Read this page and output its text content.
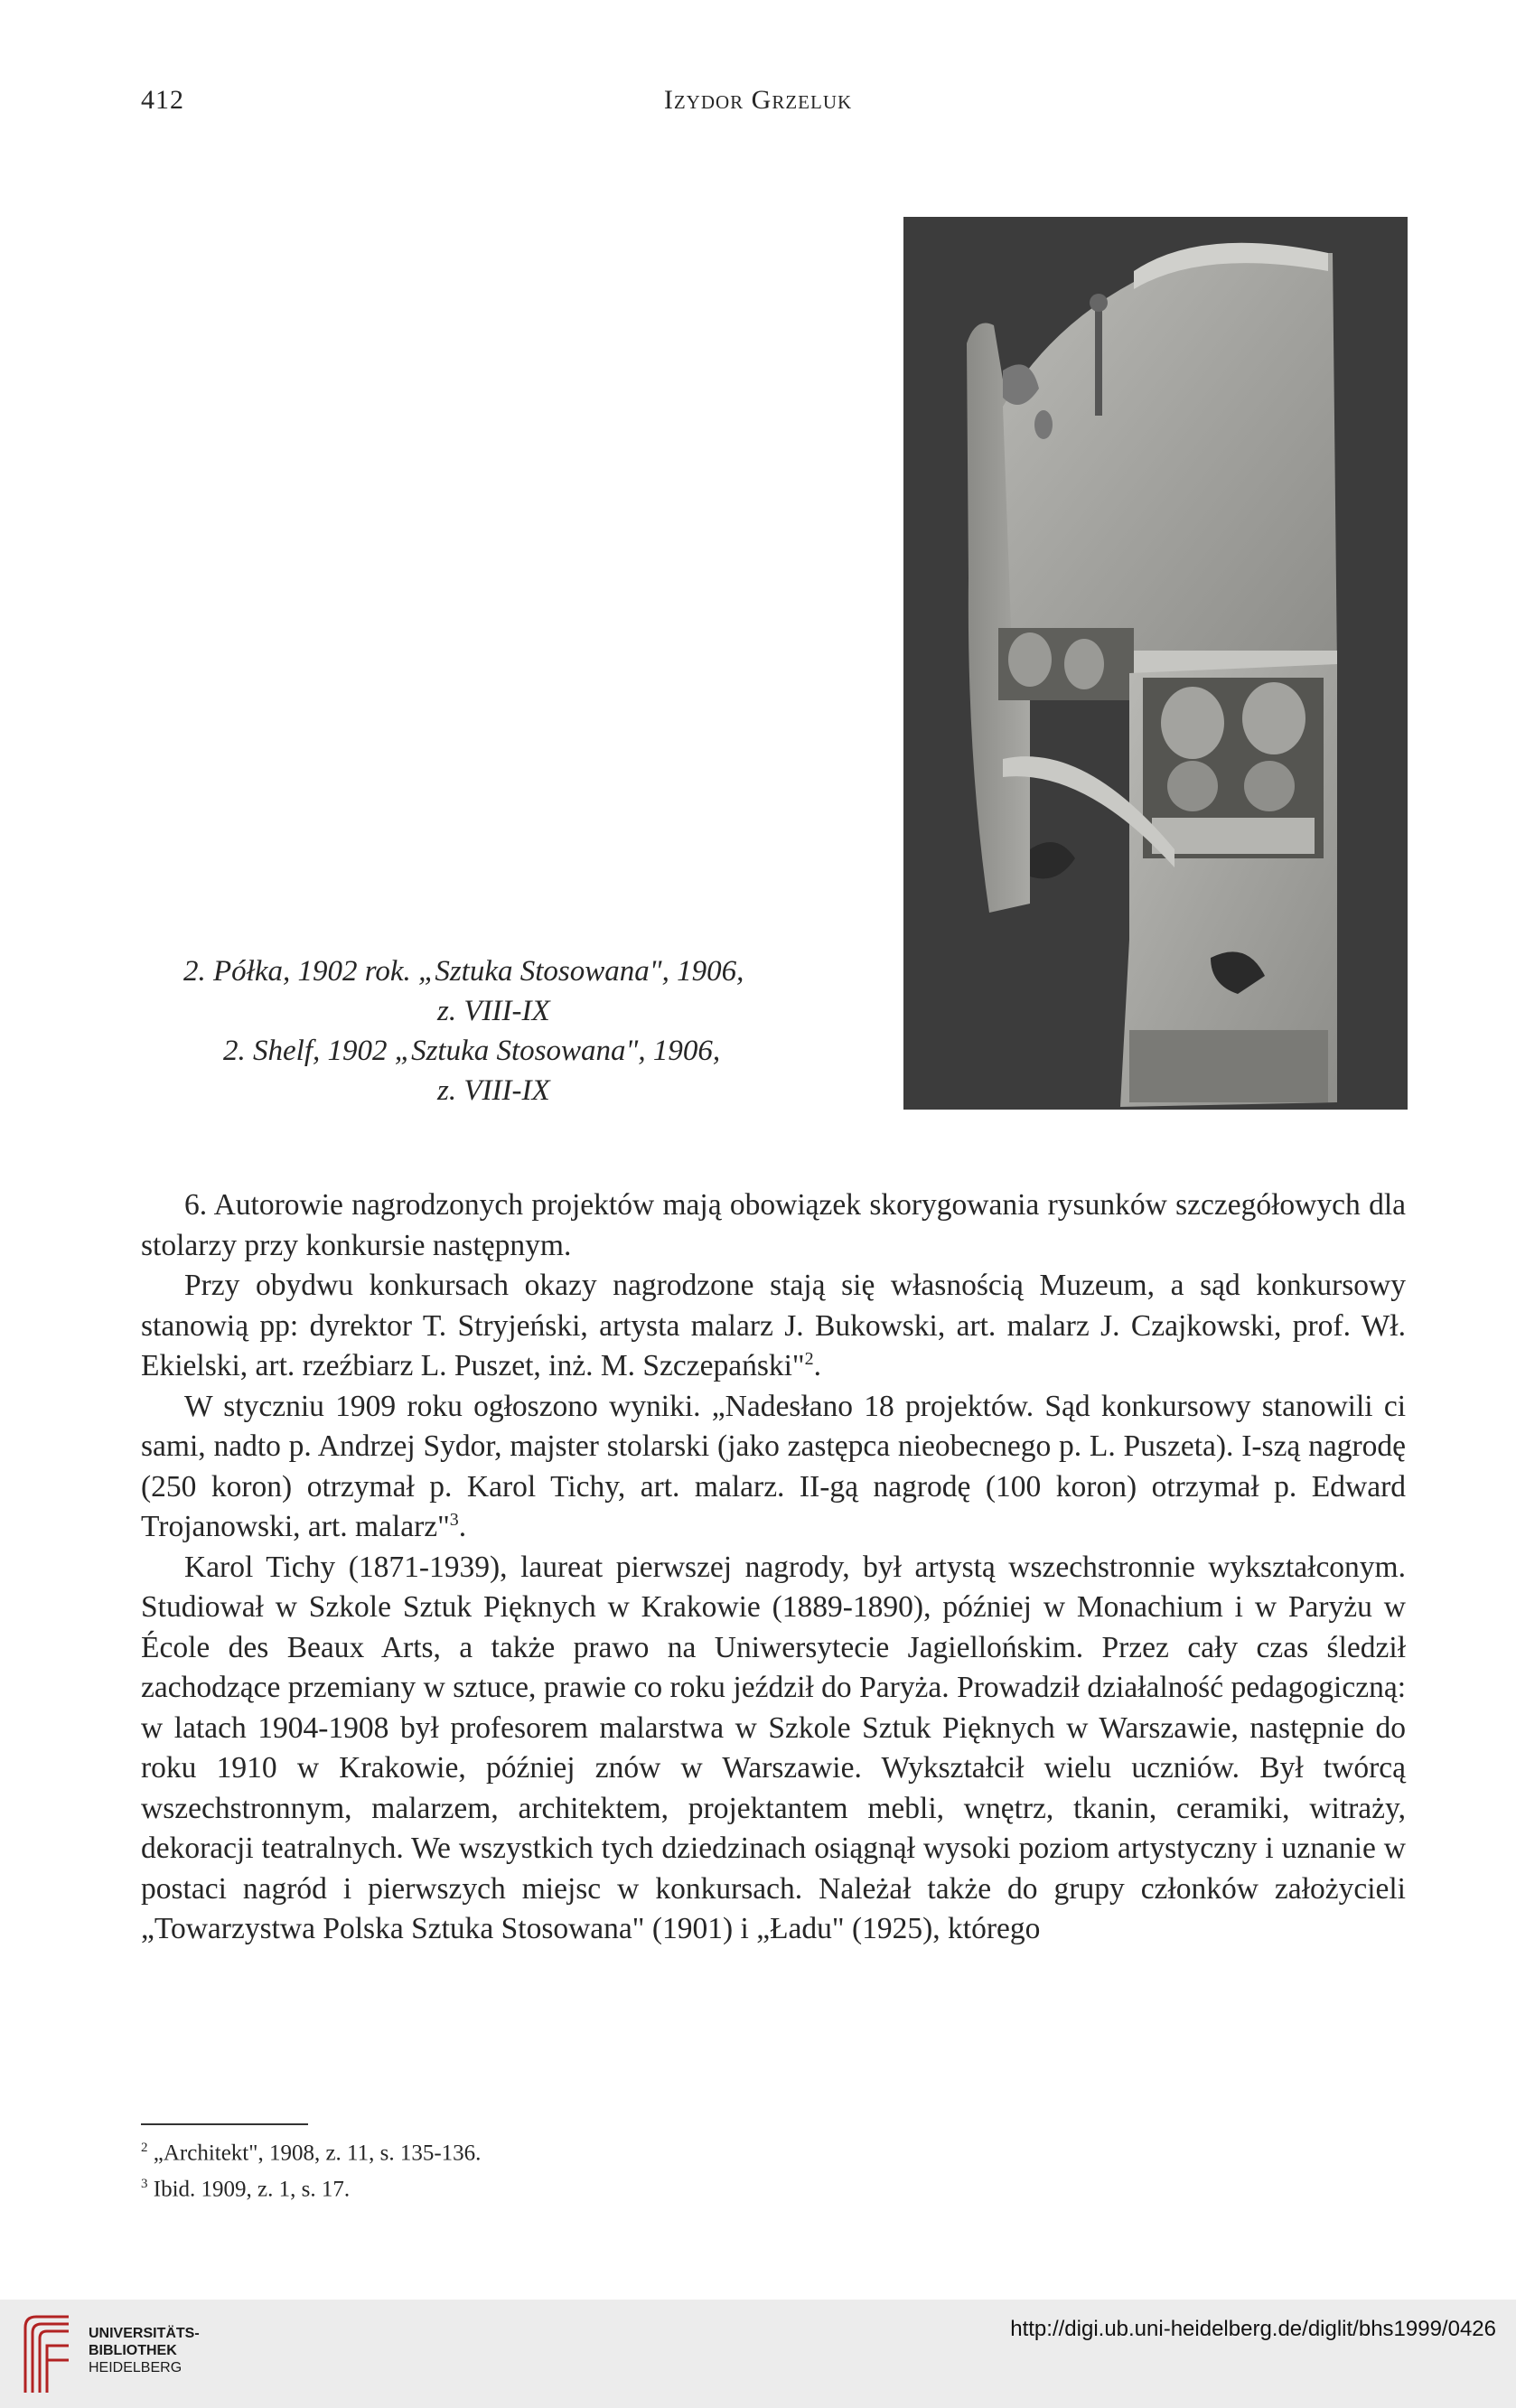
412	Izydor Grzeluk
2. Półka, 1902 rok. „Sztuka Stosowana", 1906,
z. VIII-IX
2. Shelf, 1902 „Sztuka Stosowana", 1906,
z. VIII-IX

6. Autorowie nagrodzonych projektów mają obowiązek skorygowania rysunków szczegółowych dla stolarzy przy konkursie następnym.

Przy obydwu konkursach okazy nagrodzone stają się własnością Muzeum, a sąd konkursowy stanowią pp: dyrektor T. Stryjeński, artysta malarz J. Bukowski, art. malarz J. Czajkowski, prof. Wł. Ekielski, art. rzeźbiarz L. Puszet, inż. M. Szczepański"$^2$.

W styczniu 1909 roku ogłoszono wyniki. „Nadesłano 18 projektów. Sąd konkursowy stanowili ci sami, nadto p. Andrzej Sydor, majster stolarski (jako zastępca nieobecnego p. L. Puszeta). I-szą nagrodę (250 koron) otrzymał p. Karol Tichy, art. malarz. II-gą nagrodę (100 koron) otrzymał p. Edward Trojanowski, art. malarz"$^3$.

Karol Tichy (1871-1939), laureat pierwszej nagrody, był artystą wszechstronnie wykształconym. Studiował w Szkole Sztuk Pięknych w Krakowie (1889-1890), później w Monachium i w Paryżu w École des Beaux Arts, a także prawo na Uniwersytecie Jagiellońskim. Przez cały czas śledził zachodzące przemiany w sztuce, prawie co roku jeździł do Paryża. Prowadził działalność pedagogiczną: w latach 1904-1908 był profesorem malarstwa w Szkole Sztuk Pięknych w Warszawie, następnie do roku 1910 w Krakowie, później znów w Warszawie. Wykształcił wielu uczniów. Był twórcą wszechstronnym, malarzem, architektem, projektantem mebli, wnętrz, tkanin, ceramiki, witraży, dekoracji teatralnych. We wszystkich tych dziedzinach osiągnął wysoki poziom artystyczny i uznanie w postaci nagród i pierwszych miejsc w konkursach. Należał także do grupy członków założycieli „Towarzystwa Polska Sztuka Stosowana" (1901) i „Ładu" (1925), którego

$^2$ „Architekt", 1908, z. 11, s. 135-136.
$^3$ Ibid. 1909, z. 1, s. 17.
UNIVERSITÄTS-
BIBLIOTHEK
HEIDELBERG
http://digi.ub.uni-heidelberg.de/diglit/bhs1999/0426
